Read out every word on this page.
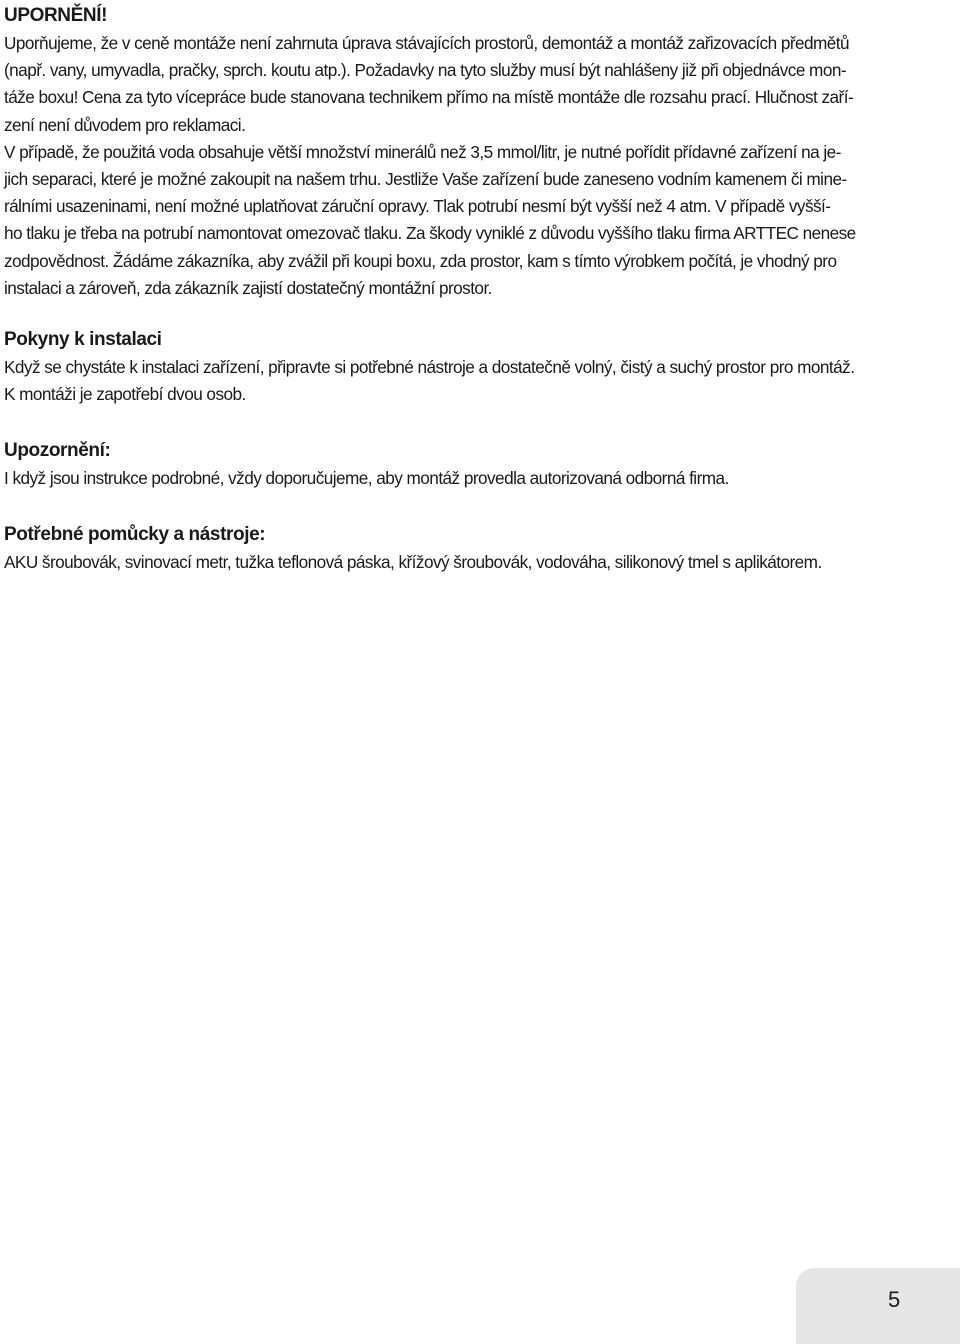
UPORNĚNÍ!
Uporňujeme, že v ceně montáže není zahrnuta úprava stávajících prostorů, demontáž a montáž zařizovacích předmětů
(např. vany, umyvadla, pračky, sprch. koutu atp.). Požadavky na tyto služby musí být nahlášeny již při objednávce mon-
táže boxu! Cena za tyto vícepráce bude stanovana technikem přímo na místě montáže dle rozsahu prací. Hlučnost zaří-
zení není důvodem pro reklamaci.
V případě, že použitá voda obsahuje větší množství minerálů než 3,5 mmol/litr, je nutné pořídit přídavné zařízení na je-
jich separaci, které je možné zakoupit na našem trhu. Jestliže Vaše zařízení bude zaneseno vodním kamenem či mine-
rálními usazeninami, není možné uplatňovat záruční opravy. Tlak potrubí nesmí být vyšší než 4 atm. V případě vyšší-
ho tlaku je třeba na potrubí namontovat omezovač tlaku. Za škody vyniklé z důvodu vyššího tlaku firma ARTTEC nenese
zodpovědnost. Žádáme zákazníka, aby zvážil při koupi boxu, zda prostor, kam s tímto výrobkem počítá, je vhodný pro
instalaci a zároveň, zda zákazník zajistí dostatečný montážní prostor.
Pokyny k instalaci
Když se chystáte k instalaci zařízení, připravte si potřebné nástroje a dostatečně volný, čistý a suchý prostor pro montáž.
K montáži je zapotřebí dvou osob.
Upozornění:
I když jsou instrukce podrobné, vždy doporučujeme, aby montáž provedla autorizovaná odborná firma.
Potřebné pomůcky a nástroje:
AKU šroubovák, svinovací metr, tužka teflonová páska, křížový šroubovák, vodováha, silikonový tmel s aplikátorem.
5
